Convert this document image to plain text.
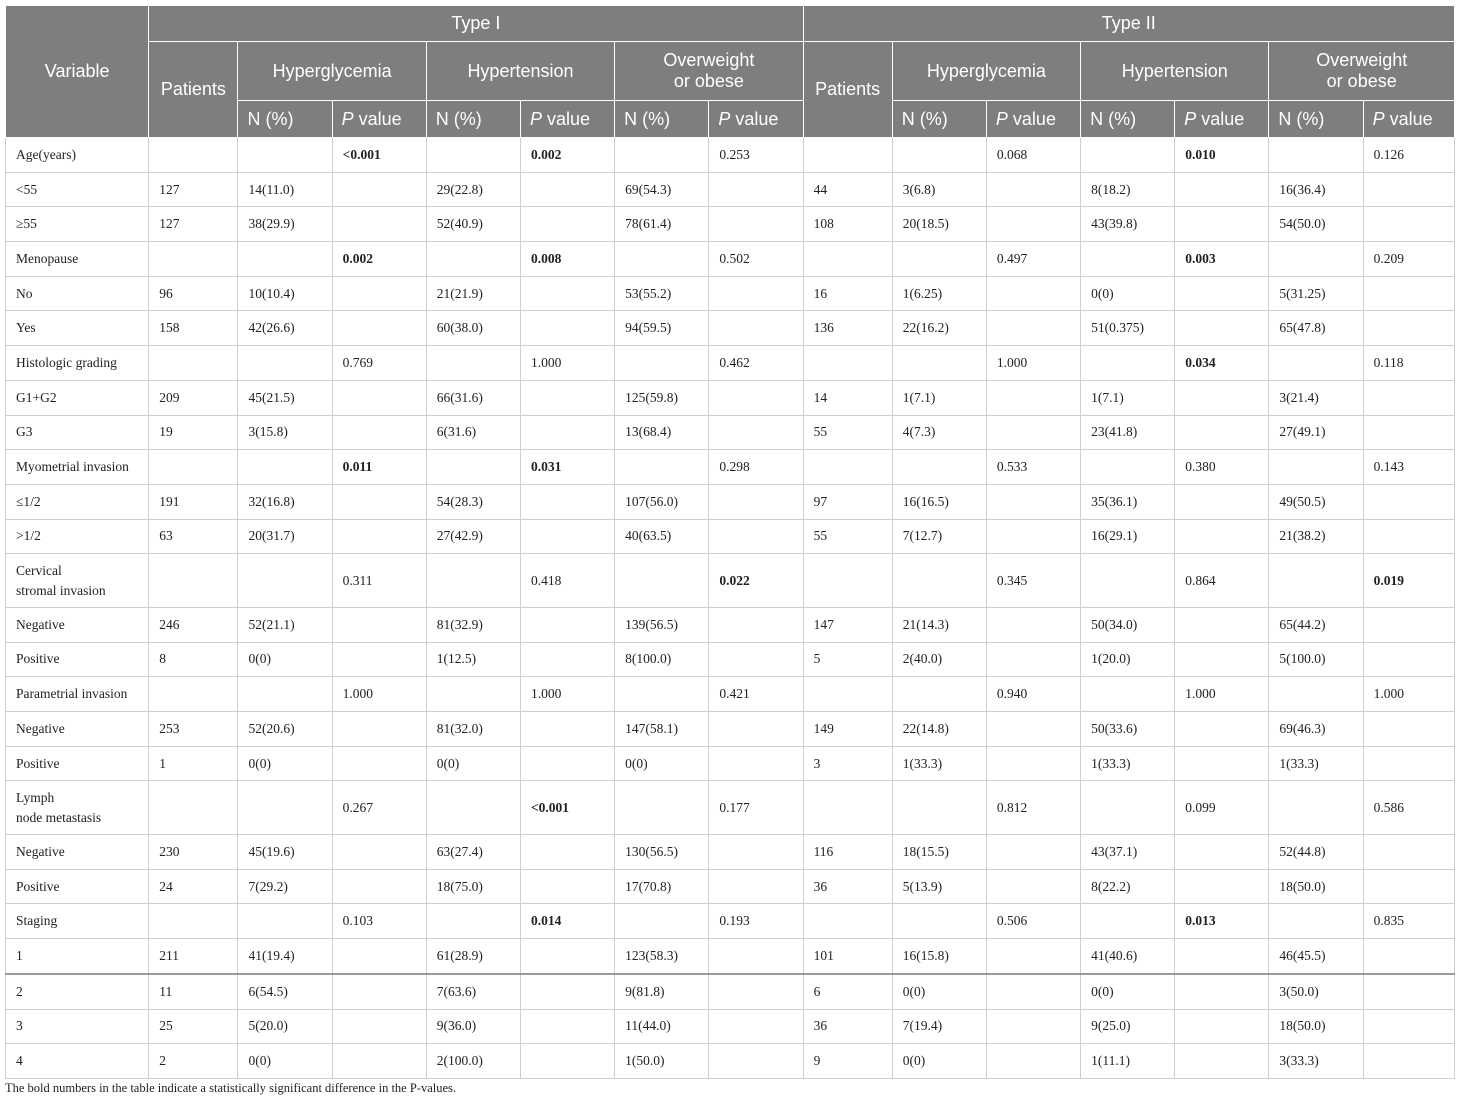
Variable	Type I							Type II						
	Patients	Hyperglycemia		Hypertension		Overweight
or obese		Patients	Hyperglycemia		Hypertension		Overweight
or obese	
		N (%)	P value	N (%)	P value	N (%)	P value		N (%)	P value	N (%)	P value	N (%)	P value
Age(years)			<0.001		0.002		0.253			0.068		0.010		0.126
<55	127	14(11.0)		29(22.8)		69(54.3)		44	3(6.8)		8(18.2)		16(36.4)	
≥55	127	38(29.9)		52(40.9)		78(61.4)		108	20(18.5)		43(39.8)		54(50.0)	
Menopause			0.002		0.008		0.502			0.497		0.003		0.209
No	96	10(10.4)		21(21.9)		53(55.2)		16	1(6.25)		0(0)		5(31.25)	
Yes	158	42(26.6)		60(38.0)		94(59.5)		136	22(16.2)		51(0.375)		65(47.8)	
Histologic grading			0.769		1.000		0.462			1.000		0.034		0.118
G1+G2	209	45(21.5)		66(31.6)		125(59.8)		14	1(7.1)		1(7.1)		3(21.4)	
G3	19	3(15.8)		6(31.6)		13(68.4)		55	4(7.3)		23(41.8)		27(49.1)	
Myometrial invasion			0.011		0.031		0.298			0.533		0.380		0.143
≤1/2	191	32(16.8)		54(28.3)		107(56.0)		97	16(16.5)		35(36.1)		49(50.5)	
>1/2	63	20(31.7)		27(42.9)		40(63.5)		55	7(12.7)		16(29.1)		21(38.2)	
Cervical
stromal invasion			0.311		0.418		0.022			0.345		0.864		0.019
Negative	246	52(21.1)		81(32.9)		139(56.5)		147	21(14.3)		50(34.0)		65(44.2)	
Positive	8	0(0)		1(12.5)		8(100.0)		5	2(40.0)		1(20.0)		5(100.0)	
Parametrial invasion			1.000		1.000		0.421			0.940		1.000		1.000
Negative	253	52(20.6)		81(32.0)		147(58.1)		149	22(14.8)		50(33.6)		69(46.3)	
Positive	1	0(0)		0(0)		0(0)		3	1(33.3)		1(33.3)		1(33.3)	
Lymph
node metastasis			0.267		<0.001		0.177			0.812		0.099		0.586
Negative	230	45(19.6)		63(27.4)		130(56.5)		116	18(15.5)		43(37.1)		52(44.8)	
Positive	24	7(29.2)		18(75.0)		17(70.8)		36	5(13.9)		8(22.2)		18(50.0)	
Staging			0.103		0.014		0.193			0.506		0.013		0.835
1	211	41(19.4)		61(28.9)		123(58.3)		101	16(15.8)		41(40.6)		46(45.5)	
2	11	6(54.5)		7(63.6)		9(81.8)		6	0(0)		0(0)		3(50.0)	
3	25	5(20.0)		9(36.0)		11(44.0)		36	7(19.4)		9(25.0)		18(50.0)	
4	2	0(0)		2(100.0)		1(50.0)		9	0(0)		1(11.1)		3(33.3)	
The bold numbers in the table indicate a statistically significant difference in the P-values.
